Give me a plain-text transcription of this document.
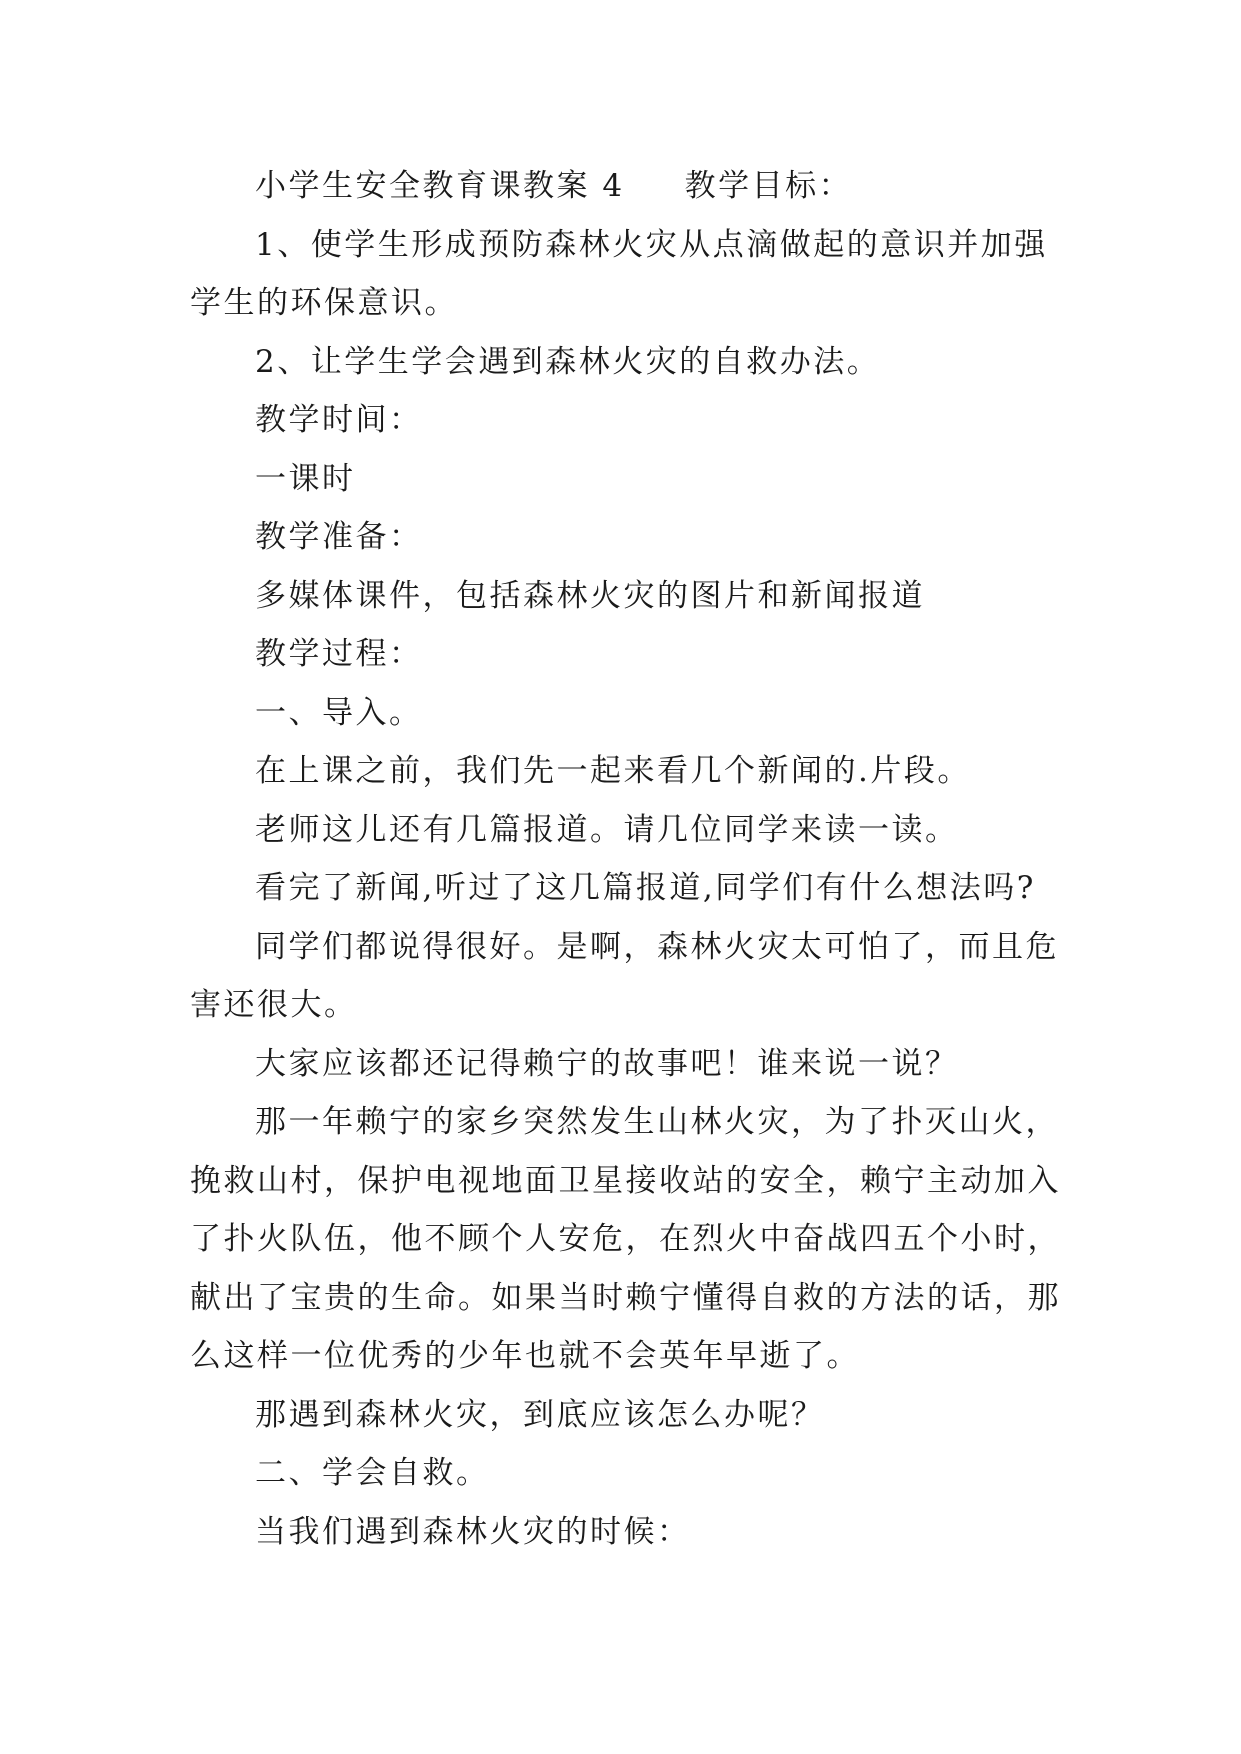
小学生安全教育课教案 4 教学目标：

1、使学生形成预防森林火灾从点滴做起的意识并加强

学生的环保意识。

2、让学生学会遇到森林火灾的自救办法。

教学时间：

一课时

教学准备：

多媒体课件，包括森林火灾的图片和新闻报道

教学过程：

一、导入。

在上课之前，我们先一起来看几个新闻的.片段。

老师这儿还有几篇报道。请几位同学来读一读。

看完了新闻,听过了这几篇报道,同学们有什么想法吗?

同学们都说得很好。是啊，森林火灾太可怕了，而且危

害还很大。

大家应该都还记得赖宁的故事吧！谁来说一说？

那一年赖宁的家乡突然发生山林火灾，为了扑灭山火，

挽救山村，保护电视地面卫星接收站的安全，赖宁主动加入

了扑火队伍，他不顾个人安危，在烈火中奋战四五个小时，

献出了宝贵的生命。如果当时赖宁懂得自救的方法的话，那

么这样一位优秀的少年也就不会英年早逝了。

那遇到森林火灾，到底应该怎么办呢？

二、学会自救。

当我们遇到森林火灾的时候：
